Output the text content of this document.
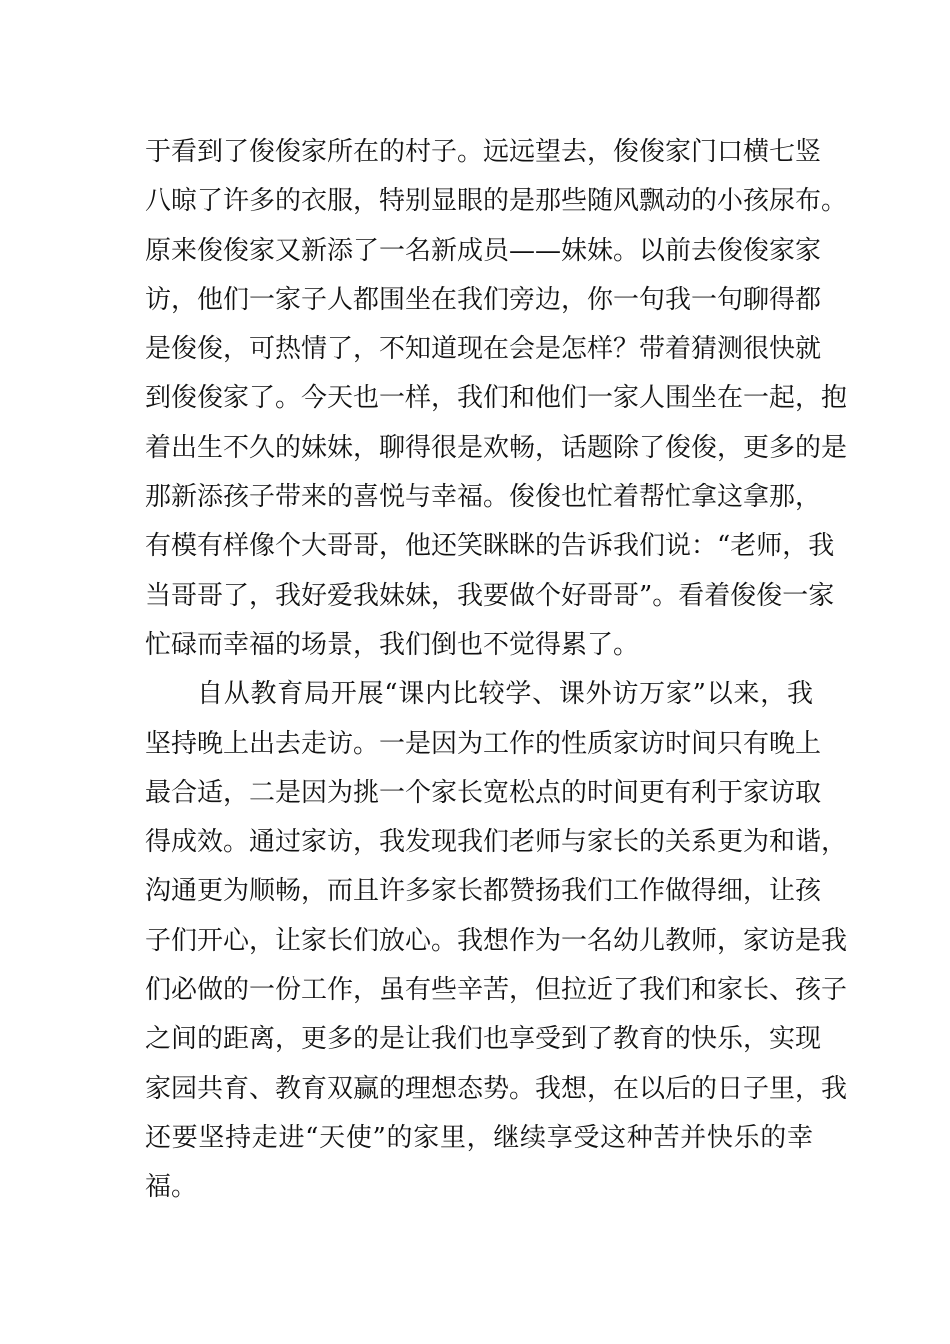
于看到了俊俊家所在的村子。远远望去，俊俊家门口横七竖
八晾了许多的衣服，特别显眼的是那些随风飘动的小孩尿布。
原来俊俊家又新添了一名新成员——妹妹。以前去俊俊家家
访，他们一家子人都围坐在我们旁边，你一句我一句聊得都
是俊俊，可热情了，不知道现在会是怎样？带着猜测很快就
到俊俊家了。今天也一样，我们和他们一家人围坐在一起，抱
着出生不久的妹妹，聊得很是欢畅，话题除了俊俊，更多的是
那新添孩子带来的喜悦与幸福。俊俊也忙着帮忙拿这拿那，
有模有样像个大哥哥，他还笑眯眯的告诉我们说：“老师，我
当哥哥了，我好爱我妹妹，我要做个好哥哥”。看着俊俊一家
忙碌而幸福的场景，我们倒也不觉得累了。
自从教育局开展“课内比较学、课外访万家”以来，我
坚持晚上出去走访。一是因为工作的性质家访时间只有晚上
最合适，二是因为挑一个家长宽松点的时间更有利于家访取
得成效。通过家访，我发现我们老师与家长的关系更为和谐，
沟通更为顺畅，而且许多家长都赞扬我们工作做得细，让孩
子们开心，让家长们放心。我想作为一名幼儿教师，家访是我
们必做的一份工作，虽有些辛苦，但拉近了我们和家长、孩子
之间的距离，更多的是让我们也享受到了教育的快乐，实现
家园共育、教育双赢的理想态势。我想，在以后的日子里，我
还要坚持走进“天使”的家里，继续享受这种苦并快乐的幸
福。
